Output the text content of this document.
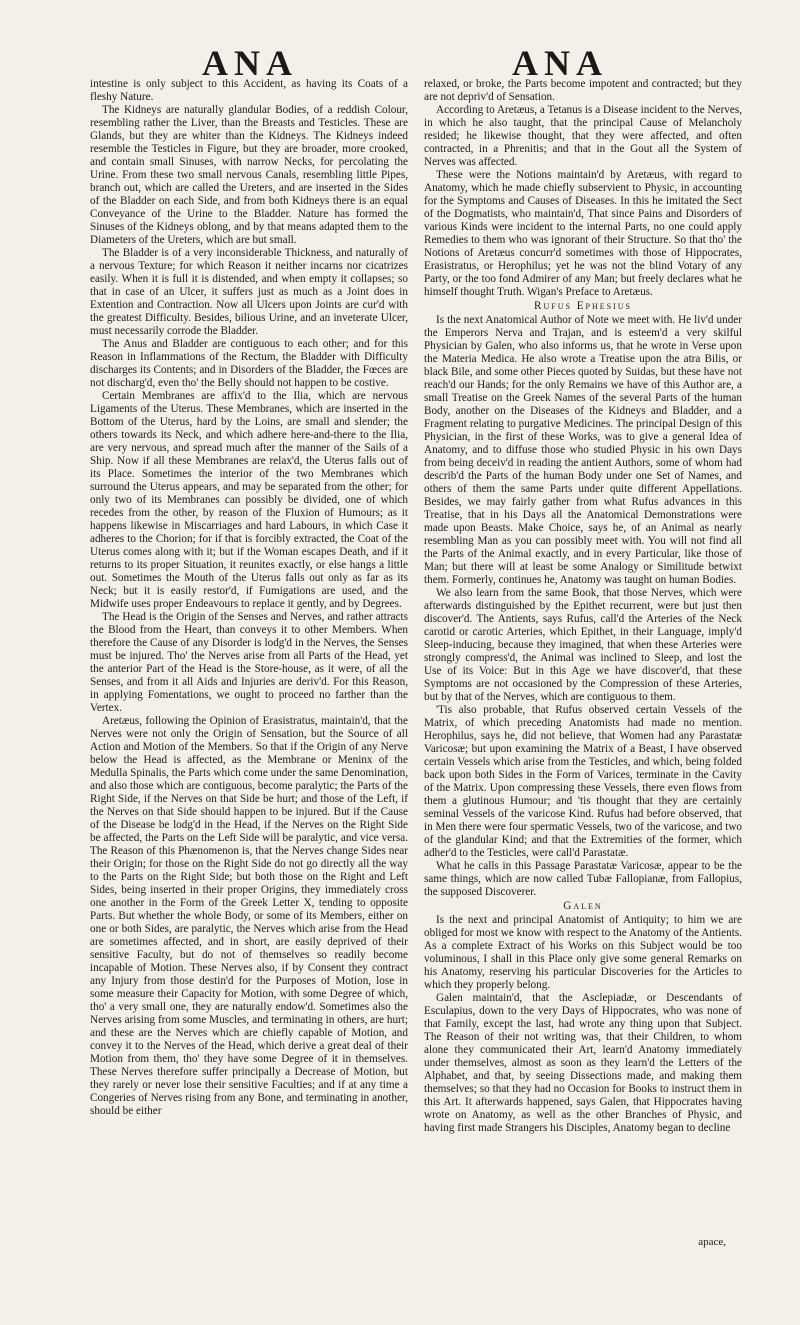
ANA	ANA

intestine is only subject to this Accident, as having its Coats of a fleshy Nature.

The Kidneys are naturally glandular Bodies, of a reddish Colour, resembling rather the Liver, than the Breasts and Testicles. These are Glands, but they are whiter than the Kidneys. The Kidneys indeed resemble the Testicles in Figure, but they are broader, more crooked, and contain small Sinuses, with narrow Necks, for percolating the Urine. From these two small nervous Canals, resembling little Pipes, branch out, which are called the Ureters, and are inserted in the Sides of the Bladder on each Side, and from both Kidneys there is an equal Conveyance of the Urine to the Bladder. Nature has formed the Sinuses of the Kidneys oblong, and by that means adapted them to the Diameters of the Ureters, which are but small.

The Bladder is of a very inconsiderable Thickness, and naturally of a nervous Texture; for which Reason it neither incarns nor cicatrizes easily. When it is full it is distended, and when empty it collapses; so that in case of an Ulcer, it suffers just as much as a Joint does in Extention and Contraction. Now all Ulcers upon Joints are cur'd with the greatest Difficulty. Besides, bilious Urine, and an inveterate Ulcer, must necessarily corrode the Bladder.

The Anus and Bladder are contiguous to each other; and for this Reason in Inflammations of the Rectum, the Bladder with Difficulty discharges its Contents; and in Disorders of the Bladder, the Fœces are not discharg'd, even tho' the Belly should not happen to be costive.

Certain Membranes are affix'd to the Ilia, which are nervous Ligaments of the Uterus. These Membranes, which are inserted in the Bottom of the Uterus, hard by the Loins, are small and slender; the others towards its Neck, and which adhere here-and-there to the Ilia, are very nervous, and spread much after the manner of the Sails of a Ship. Now if all these Membranes are relax'd, the Uterus falls out of its Place. Sometimes the interior of the two Membranes which surround the Uterus appears, and may be separated from the other; for only two of its Membranes can possibly be divided, one of which recedes from the other, by reason of the Fluxion of Humours; as it happens likewise in Miscarriages and hard Labours, in which Case it adheres to the Chorion; for if that is forcibly extracted, the Coat of the Uterus comes along with it; but if the Woman escapes Death, and if it returns to its proper Situation, it reunites exactly, or else hangs a little out. Sometimes the Mouth of the Uterus falls out only as far as its Neck; but it is easily restor'd, if Fumigations are used, and the Midwife uses proper Endeavours to replace it gently, and by Degrees.

The Head is the Origin of the Senses and Nerves, and rather attracts the Blood from the Heart, than conveys it to other Members. When therefore the Cause of any Disorder is lodg'd in the Nerves, the Senses must be injured. Tho' the Nerves arise from all Parts of the Head, yet the anterior Part of the Head is the Store-house, as it were, of all the Senses, and from it all Aids and Injuries are deriv'd. For this Reason, in applying Fomentations, we ought to proceed no farther than the Vertex.

Aretæus, following the Opinion of Erasistratus, maintain'd, that the Nerves were not only the Origin of Sensation, but the Source of all Action and Motion of the Members. So that if the Origin of any Nerve below the Head is affected, as the Membrane or Meninx of the Medulla Spinalis, the Parts which come under the same Denomination, and also those which are contiguous, become paralytic; the Parts of the Right Side, if the Nerves on that Side be hurt; and those of the Left, if the Nerves on that Side should happen to be injured. But if the Cause of the Disease be lodg'd in the Head, if the Nerves on the Right Side be affected, the Parts on the Left Side will be paralytic, and vice versa. The Reason of this Phænomenon is, that the Nerves change Sides near their Origin; for those on the Right Side do not go directly all the way to the Parts on the Right Side; but both those on the Right and Left Sides, being inserted in their proper Origins, they immediately cross one another in the Form of the Greek Letter X, tending to opposite Parts. But whether the whole Body, or some of its Members, either on one or both Sides, are paralytic, the Nerves which arise from the Head are sometimes affected, and in short, are easily deprived of their sensitive Faculty, but do not of themselves so readily become incapable of Motion. These Nerves also, if by Consent they contract any Injury from those destin'd for the Purposes of Motion, lose in some measure their Capacity for Motion, with some Degree of which, tho' a very small one, they are naturally endow'd. Sometimes also the Nerves arising from some Muscles, and terminating in others, are hurt; and these are the Nerves which are chiefly capable of Motion, and convey it to the Nerves of the Head, which derive a great deal of their Motion from them, tho' they have some Degree of it in themselves. These Nerves therefore suffer principally a Decrease of Motion, but they rarely or never lose their sensitive Faculties; and if at any time a Congeries of Nerves rising from any Bone, and terminating in another, should be either

relaxed, or broke, the Parts become impotent and contracted; but they are not depriv'd of Sensation.

According to Aretæus, a Tetanus is a Disease incident to the Nerves, in which he also taught, that the principal Cause of Melancholy resided; he likewise thought, that they were affected, and often contracted, in a Phrenitis; and that in the Gout all the System of Nerves was affected.

These were the Notions maintain'd by Aretæus, with regard to Anatomy, which he made chiefly subservient to Physic, in accounting for the Symptoms and Causes of Diseases. In this he imitated the Sect of the Dogmatists, who maintain'd, That since Pains and Disorders of various Kinds were incident to the internal Parts, no one could apply Remedies to them who was ignorant of their Structure. So that tho' the Notions of Aretæus concurr'd sometimes with those of Hippocrates, Erasistratus, or Herophilus; yet he was not the blind Votary of any Party, or the too fond Admirer of any Man; but freely declares what he himself thought Truth. Wigan's Preface to Aretæus.

Rufus Ephesius

Is the next Anatomical Author of Note we meet with. He liv'd under the Emperors Nerva and Trajan, and is esteem'd a very skilful Physician by Galen, who also informs us, that he wrote in Verse upon the Materia Medica. He also wrote a Treatise upon the atra Bilis, or black Bile, and some other Pieces quoted by Suidas, but these have not reach'd our Hands; for the only Remains we have of this Author are, a small Treatise on the Greek Names of the several Parts of the human Body, another on the Diseases of the Kidneys and Bladder, and a Fragment relating to purgative Medicines. The principal Design of this Physician, in the first of these Works, was to give a general Idea of Anatomy, and to diffuse those who studied Physic in his own Days from being deceiv'd in reading the antient Authors, some of whom had describ'd the Parts of the human Body under one Set of Names, and others of them the same Parts under quite different Appellations. Besides, we may fairly gather from what Rufus advances in this Treatise, that in his Days all the Anatomical Demonstrations were made upon Beasts. Make Choice, says he, of an Animal as nearly resembling Man as you can possibly meet with. You will not find all the Parts of the Animal exactly, and in every Particular, like those of Man; but there will at least be some Analogy or Similitude betwixt them. Formerly, continues he, Anatomy was taught on human Bodies.

We also learn from the same Book, that those Nerves, which were afterwards distinguished by the Epithet recurrent, were but just then discover'd. The Antients, says Rufus, call'd the Arteries of the Neck carotid or carotic Arteries, which Epithet, in their Language, imply'd Sleep-inducing, because they imagined, that when these Arteries were strongly compress'd, the Animal was inclined to Sleep, and lost the Use of its Voice: But in this Age we have discover'd, that these Symptoms are not occasioned by the Compression of these Arteries, but by that of the Nerves, which are contiguous to them.

'Tis also probable, that Rufus observed certain Vessels of the Matrix, of which preceding Anatomists had made no mention. Herophilus, says he, did not believe, that Women had any Parastatæ Varicosæ; but upon examining the Matrix of a Beast, I have observed certain Vessels which arise from the Testicles, and which, being folded back upon both Sides in the Form of Varices, terminate in the Cavity of the Matrix. Upon compressing these Vessels, there even flows from them a glutinous Humour; and 'tis thought that they are certainly seminal Vessels of the varicose Kind. Rufus had before observed, that in Men there were four spermatic Vessels, two of the varicose, and two of the glandular Kind; and that the Extremities of the former, which adher'd to the Testicles, were call'd Parastatæ.

What he calls in this Passage Parastatæ Varicosæ, appear to be the same things, which are now called Tubæ Fallopianæ, from Fallopius, the supposed Discoverer.

Galen

Is the next and principal Anatomist of Antiquity; to him we are obliged for most we know with respect to the Anatomy of the Antients. As a complete Extract of his Works on this Subject would be too voluminous, I shall in this Place only give some general Remarks on his Anatomy, reserving his particular Discoveries for the Articles to which they properly belong.

Galen maintain'd, that the Asclepiadæ, or Descendants of Esculapius, down to the very Days of Hippocrates, who was none of that Family, except the last, had wrote any thing upon that Subject. The Reason of their not writing was, that their Children, to whom alone they communicated their Art, learn'd Anatomy immediately under themselves, almost as soon as they learn'd the Letters of the Alphabet, and that, by seeing Dissections made, and making them themselves; so that they had no Occasion for Books to instruct them in this Art. It afterwards happened, says Galen, that Hippocrates having wrote on Anatomy, as well as the other Branches of Physic, and having first made Strangers his Disciples, Anatomy began to decline

apace,
